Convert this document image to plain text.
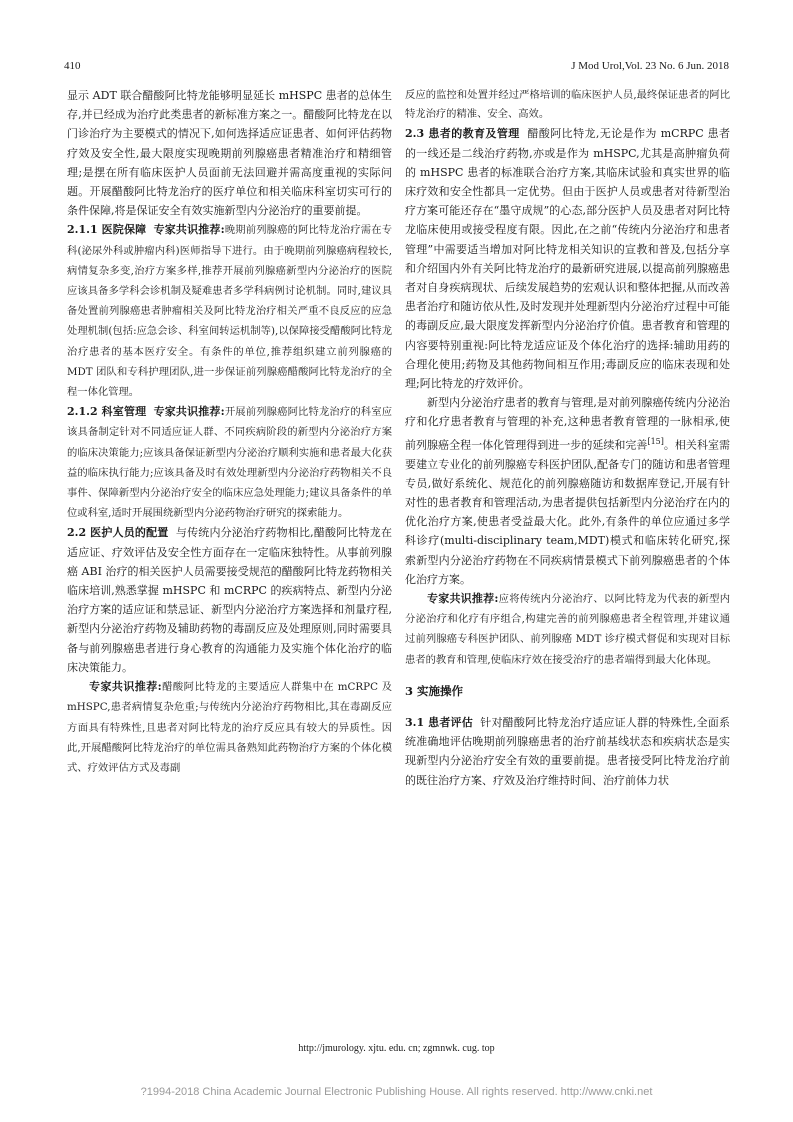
410	J Mod Urol,Vol. 23 No. 6 Jun. 2018

显示 ADT 联合醋酸阿比特龙能够明显延长 mHSPC 患者的总体生存,并已经成为治疗此类患者的新标准方案之一。醋酸阿比特龙在以门诊治疗为主要模式的情况下,如何选择适应证患者、如何评估药物疗效及安全性,最大限度实现晚期前列腺癌患者精准治疗和精细管理;是摆在所有临床医护人员面前无法回避并需高度重视的实际问题。开展醋酸阿比特龙治疗的医疗单位和相关临床科室切实可行的条件保障,将是保证安全有效实施新型内分泌治疗的重要前提。

2.1.1 医院保障 专家共识推荐:晚期前列腺癌的阿比特龙治疗需在专科(泌尿外科或肿瘤内科)医师指导下进行。由于晚期前列腺癌病程较长,病情复杂多变,治疗方案多样,推荐开展前列腺癌新型内分泌治疗的医院应该具备多学科会诊机制及疑难患者多学科病例讨论机制。同时,建议具备处置前列腺癌患者肿瘤相关及阿比特龙治疗相关严重不良反应的应急处理机制(包括:应急会诊、科室间转运机制等),以保障接受醋酸阿比特龙治疗患者的基本医疗安全。有条件的单位,推荐组织建立前列腺癌的 MDT 团队和专科护理团队,进一步保证前列腺癌醋酸阿比特龙治疗的全程一体化管理。

2.1.2 科室管理 专家共识推荐:开展前列腺癌阿比特龙治疗的科室应该具备制定针对不同适应证人群、不同疾病阶段的新型内分泌治疗方案的临床决策能力;应该具备保证新型内分泌治疗顺利实施和患者最大化获益的临床执行能力;应该具备及时有效处理新型内分泌治疗药物相关不良事件、保障新型内分泌治疗安全的临床应急处理能力;建议具备条件的单位或科室,适时开展围绕新型内分泌药物治疗研究的探索能力。

2.2 医护人员的配置 与传统内分泌治疗药物相比,醋酸阿比特龙在适应证、疗效评估及安全性方面存在一定临床独特性。从事前列腺癌 ABI 治疗的相关医护人员需要接受规范的醋酸阿比特龙药物相关临床培训,熟悉掌握 mHSPC 和 mCRPC 的疾病特点、新型内分泌治疗方案的适应证和禁忌证、新型内分泌治疗方案选择和剂量疗程,新型内分泌治疗药物及辅助药物的毒副反应及处理原则,同时需要具备与前列腺癌患者进行身心教育的沟通能力及实施个体化治疗的临床决策能力。

专家共识推荐:醋酸阿比特龙的主要适应人群集中在 mCRPC 及 mHSPC,患者病情复杂危重;与传统内分泌治疗药物相比,其在毒副反应方面具有特殊性,且患者对阿比特龙的治疗反应具有较大的异质性。因此,开展醋酸阿比特龙治疗的单位需具备熟知此药物治疗方案的个体化模式、疗效评估方式及毒副

反应的监控和处置并经过严格培训的临床医护人员,最终保证患者的阿比特龙治疗的精准、安全、高效。

2.3 患者的教育及管理 醋酸阿比特龙,无论是作为 mCRPC 患者的一线还是二线治疗药物,亦或是作为 mHSPC,尤其是高肿瘤负荷的 mHSPC 患者的标准联合治疗方案,其临床试验和真实世界的临床疗效和安全性都具一定优势。但由于医护人员或患者对待新型治疗方案可能还存在“墨守成规”的心态,部分医护人员及患者对阿比特龙临床使用或接受程度有限。因此,在之前“传统内分泌治疗和患者管理”中需要适当增加对阿比特龙相关知识的宣教和普及,包括分享和介绍国内外有关阿比特龙治疗的最新研究进展,以提高前列腺癌患者对自身疾病现状、后续发展趋势的宏观认识和整体把握,从而改善患者治疗和随访依从性,及时发现并处理新型内分泌治疗过程中可能的毒副反应,最大限度发挥新型内分泌治疗价值。患者教育和管理的内容要特别重视:阿比特龙适应证及个体化治疗的选择:辅助用药的合理化使用;药物及其他药物间相互作用;毒副反应的临床表现和处理;阿比特龙的疗效评价。

新型内分泌治疗患者的教育与管理,是对前列腺癌传统内分泌治疗和化疗患者教育与管理的补充,这种患者教育管理的一脉相承,使前列腺癌全程一体化管理得到进一步的延续和完善[15]。相关科室需要建立专业化的前列腺癌专科医护团队,配备专门的随访和患者管理专员,做好系统化、规范化的前列腺癌随访和数据库登记,开展有针对性的患者教育和管理活动,为患者提供包括新型内分泌治疗在内的优化治疗方案,使患者受益最大化。此外,有条件的单位应通过多学科诊疗(multi-disciplinary team,MDT)模式和临床转化研究,探索新型内分泌治疗药物在不同疾病情景模式下前列腺癌患者的个体化治疗方案。

专家共识推荐:应将传统内分泌治疗、以阿比特龙为代表的新型内分泌治疗和化疗有序组合,构建完善的前列腺癌患者全程管理,并建议通过前列腺癌专科医护团队、前列腺癌 MDT 诊疗模式督促和实现对目标患者的教育和管理,使临床疗效在接受治疗的患者端得到最大化体现。

3 实施操作

3.1 患者评估 针对醋酸阿比特龙治疗适应证人群的特殊性,全面系统准确地评估晚期前列腺癌患者的治疗前基线状态和疾病状态是实现新型内分泌治疗安全有效的重要前提。患者接受阿比特龙治疗前的既往治疗方案、疗效及治疗维持时间、治疗前体力状

http://jmurology. xjtu. edu. cn; zgmnwk. cug. top
?1994-2018 China Academic Journal Electronic Publishing House. All rights reserved. http://www.cnki.net
